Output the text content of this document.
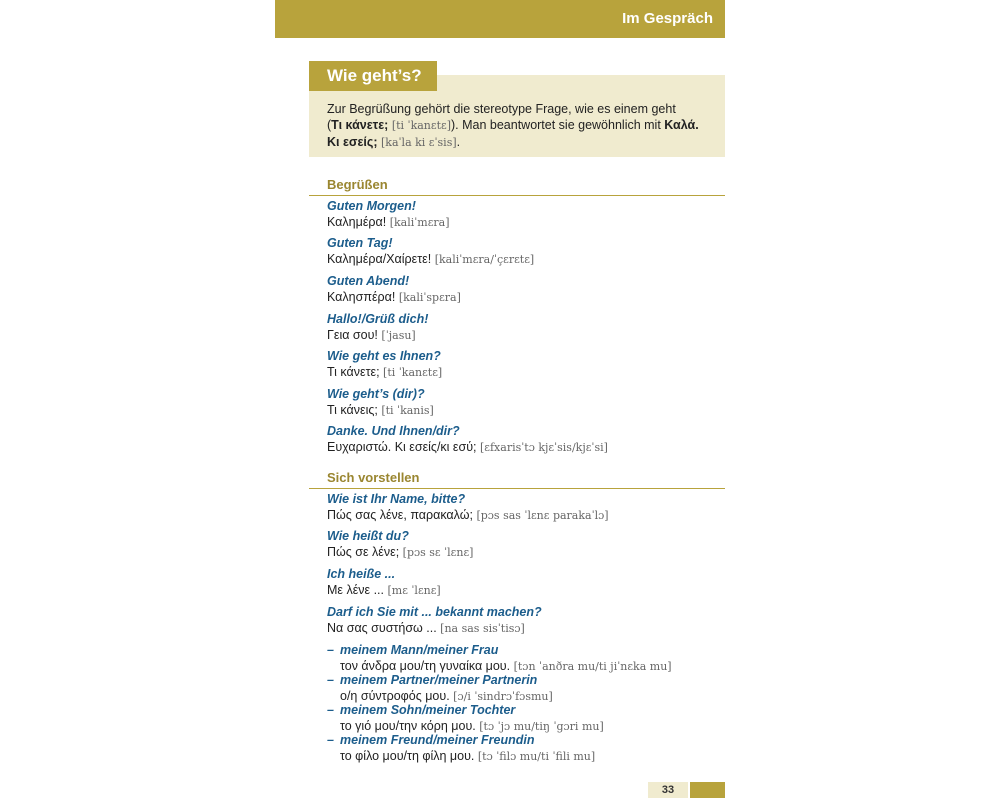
Im Gespräch
Wie geht’s?
Zur Begrüßung gehört die stereotype Frage, wie es einem geht
(Τι κάνετε; [ti ˈkanɛtɛ]). Man beantwortet sie gewöhnlich mit Καλά.
Κι εσείς; [kaˈla ki ɛˈsis].
Begrüßen
Guten Morgen!
Καλημέρα! [kaliˈmɛra]
Guten Tag!
Καλημέρα/Χαίρετε! [kaliˈmɛra/ˈçɛrɛtɛ]
Guten Abend!
Καλησπέρα! [kaliˈspɛra]
Hallo!/Grüß dich!
Γεια σου! [ˈjasu]
Wie geht es Ihnen?
Τι κάνετε; [ti ˈkanɛtɛ]
Wie geht’s (dir)?
Τι κάνεις; [ti ˈkanis]
Danke. Und Ihnen/dir?
Ευχαριστώ. Κι εσείς/κι εσύ; [ɛfxarisˈtɔ kjɛˈsis/kjɛˈsi]
Sich vorstellen
Wie ist Ihr Name, bitte?
Πώς σας λένε, παρακαλώ; [pɔs sas ˈlɛnɛ parakaˈlɔ]
Wie heißt du?
Πώς σε λένε; [pɔs sɛ ˈlɛnɛ]
Ich heiße ...
Με λένε ... [mɛ ˈlɛnɛ]
Darf ich Sie mit ... bekannt machen?
Να σας συστήσω ... [na sas sisˈtisɔ]
– meinem Mann/meiner Frau
τον άνδρα μου/τη γυναίκα μου. [tɔn ˈanðra mu/ti jiˈnɛka mu]
– meinem Partner/meiner Partnerin
ο/η σύντροφός μου. [ɔ/i ˈsindrɔˈfɔsmu]
– meinem Sohn/meiner Tochter
το γιό μου/την κόρη μου. [tɔ ˈjɔ mu/tiŋ ˈgɔri mu]
– meinem Freund/meiner Freundin
το φίλο μου/τη φίλη μου. [tɔ ˈfilɔ mu/ti ˈfili mu]
33
